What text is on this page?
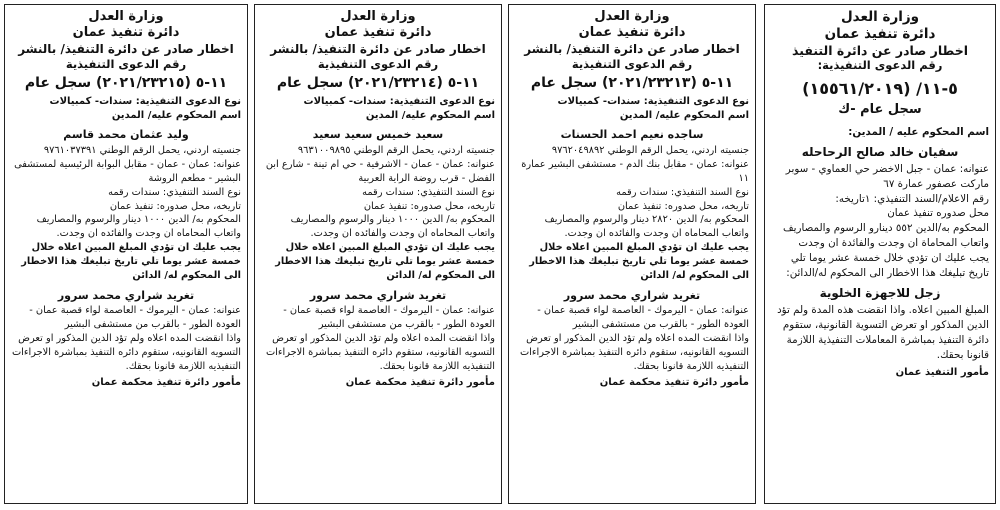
وزارة العدل
دائرة تنفيذ عمان
اخطار صادر عن دائرة التنفيذ
رقم الدعوى التنفيذية:
٥-١١/ (١٥٥٦١/٢٠١٩)
سجل عام -ك
اسم المحكوم عليه / المدين:
سفيان خالد صالح الرحاحله
عنوانه: عمان - جبل الاخضر حي العماوي - سوبر ماركت عصفور عمارة ٦٧
رقم الاعلام/السند التنفيذي: ١تاريخه:
محل صدوره تنفيذ عمان
المحكوم به/الدين ٥٥٢ دينارو الرسوم والمصاريف واتعاب المحاماة ان وجدت والفائدة ان وجدت
يجب عليك ان تؤدي خلال خمسة عشر يوما تلي تاريخ تبليغك هذا الاخطار الى المحكوم له/الدائن:
زجل للاجهزة الخلوية
المبلغ المبين اعلاه. واذا انقضت هذه المدة ولم تؤد الدين المذكور او تعرض التسوية القانونية، ستقوم دائرة التنفيذ بمباشرة المعاملات التنفيذية اللازمة قانونا بحقك.
مأمور التنفيذ عمان
وزارة العدل
دائرة تنفيذ عمان
اخطار صادر عن دائرة التنفيذ/ بالنشر
رقم الدعوى التنفيذية
١١-٥ (٢٠٢١/٢٣٢١٣) سجل عام
نوع الدعوى التنفيذية: سندات- كمبيالات
اسم المحكوم عليه/ المدين
ساجده نعيم احمد الحسنات
جنسيته اردني، يحمل الرقم الوطني ٩٧٦٢٠٤٩٨٩٢
عنوانه: عمان - مقابل بنك الدم - مستشفى البشير عمارة ١١
نوع السند التنفيذي: سندات رقمه
تاريخه، محل صدوره: تنفيذ عمان
المحكوم به/ الدين ٢٨٢٠ دينار والرسوم والمصاريف واتعاب المحاماه ان وجدت والفائده ان وجدت.
يجب عليك ان تؤدي المبلغ المبين اعلاه خلال خمسة عشر يوما تلي تاريخ تبليغك هذا الاخطار الى المحكوم له/ الدائن
تغريد شراري محمد سرور
عنوانه: عمان - اليرموك - العاصمة لواء قصبة عمان - العودة الطور - بالقرب من مستشفى البشير
واذا انقضت المده اعلاه ولم تؤد الدين المذكور او تعرض التسويه القانونيه، ستقوم دائره التنفيذ بمباشرة الاجراءات التنفيذيه اللازمة قانونا بحقك.
مأمور دائرة تنفيذ محكمة عمان
وزارة العدل
دائرة تنفيذ عمان
اخطار صادر عن دائرة التنفيذ/ بالنشر
رقم الدعوى التنفيذية
١١-٥ (٢٠٢١/٢٣٢١٤) سجل عام
نوع الدعوى التنفيذية: سندات- كمبيالات
اسم المحكوم عليه/ المدين
سعيد خميس سعيد سعيد
جنسيته اردني، يحمل الرقم الوطني ٩٦٣١٠٠٩٨٩٥
عنوانه: عمان - عمان - الاشرفية - حي ام تينة - شارع ابن الفضل - قرب روضة الراية العربية
نوع السند التنفيذي: سندات رقمه
تاريخه، محل صدوره: تنفيذ عمان
المحكوم به/ الدين ١٠٠٠ دينار والرسوم والمصاريف واتعاب المحاماه ان وجدت والفائده ان وجدت.
يجب عليك ان تؤدي المبلغ المبين اعلاه خلال خمسة عشر يوما تلي تاريخ تبليغك هذا الاخطار الى المحكوم له/ الدائن
تغريد شراري محمد سرور
عنوانه: عمان - اليرموك - العاصمة لواء قصبة عمان - العودة الطور - بالقرب من مستشفى البشير
واذا انقضت المده اعلاه ولم تؤد الدين المذكور او تعرض التسويه القانونيه، ستقوم دائره التنفيذ بمباشرة الاجراءات التنفيذيه اللازمة قانونا بحقك.
مأمور دائرة تنفيذ محكمة عمان
وزارة العدل
دائرة تنفيذ عمان
اخطار صادر عن دائرة التنفيذ/ بالنشر
رقم الدعوى التنفيذية
١١-٥ (٢٠٢١/٢٣٢١٥) سجل عام
نوع الدعوى التنفيذية: سندات- كمبيالات
اسم المحكوم عليه/ المدين
وليد عثمان محمد قاسم
جنسيته اردني، يحمل الرقم الوطني ٩٧٦١٠٣٧٣٩١
عنوانه: عمان - عمان - مقابل البوابة الرئيسية لمستشفى البشير - مطعم الروشة
نوع السند التنفيذي: سندات رقمه
تاريخه، محل صدوره: تنفيذ عمان
المحكوم به/ الدين ١٠٠٠ دينار والرسوم والمصاريف واتعاب المحاماه ان وجدت والفائده ان وجدت.
يجب عليك ان تؤدي المبلغ المبين اعلاه خلال خمسة عشر يوما تلي تاريخ تبليغك هذا الاخطار الى المحكوم له/ الدائن
تغريد شراري محمد سرور
عنوانه: عمان - اليرموك - العاصمة لواء قصبة عمان - العودة الطور - بالقرب من مستشفى البشير
واذا انقضت المده اعلاه ولم تؤد الدين المذكور او تعرض التسويه القانونيه، ستقوم دائره التنفيذ بمباشرة الاجراءات التنفيذيه اللازمة قانونا بحقك.
مأمور دائرة تنفيذ محكمة عمان
